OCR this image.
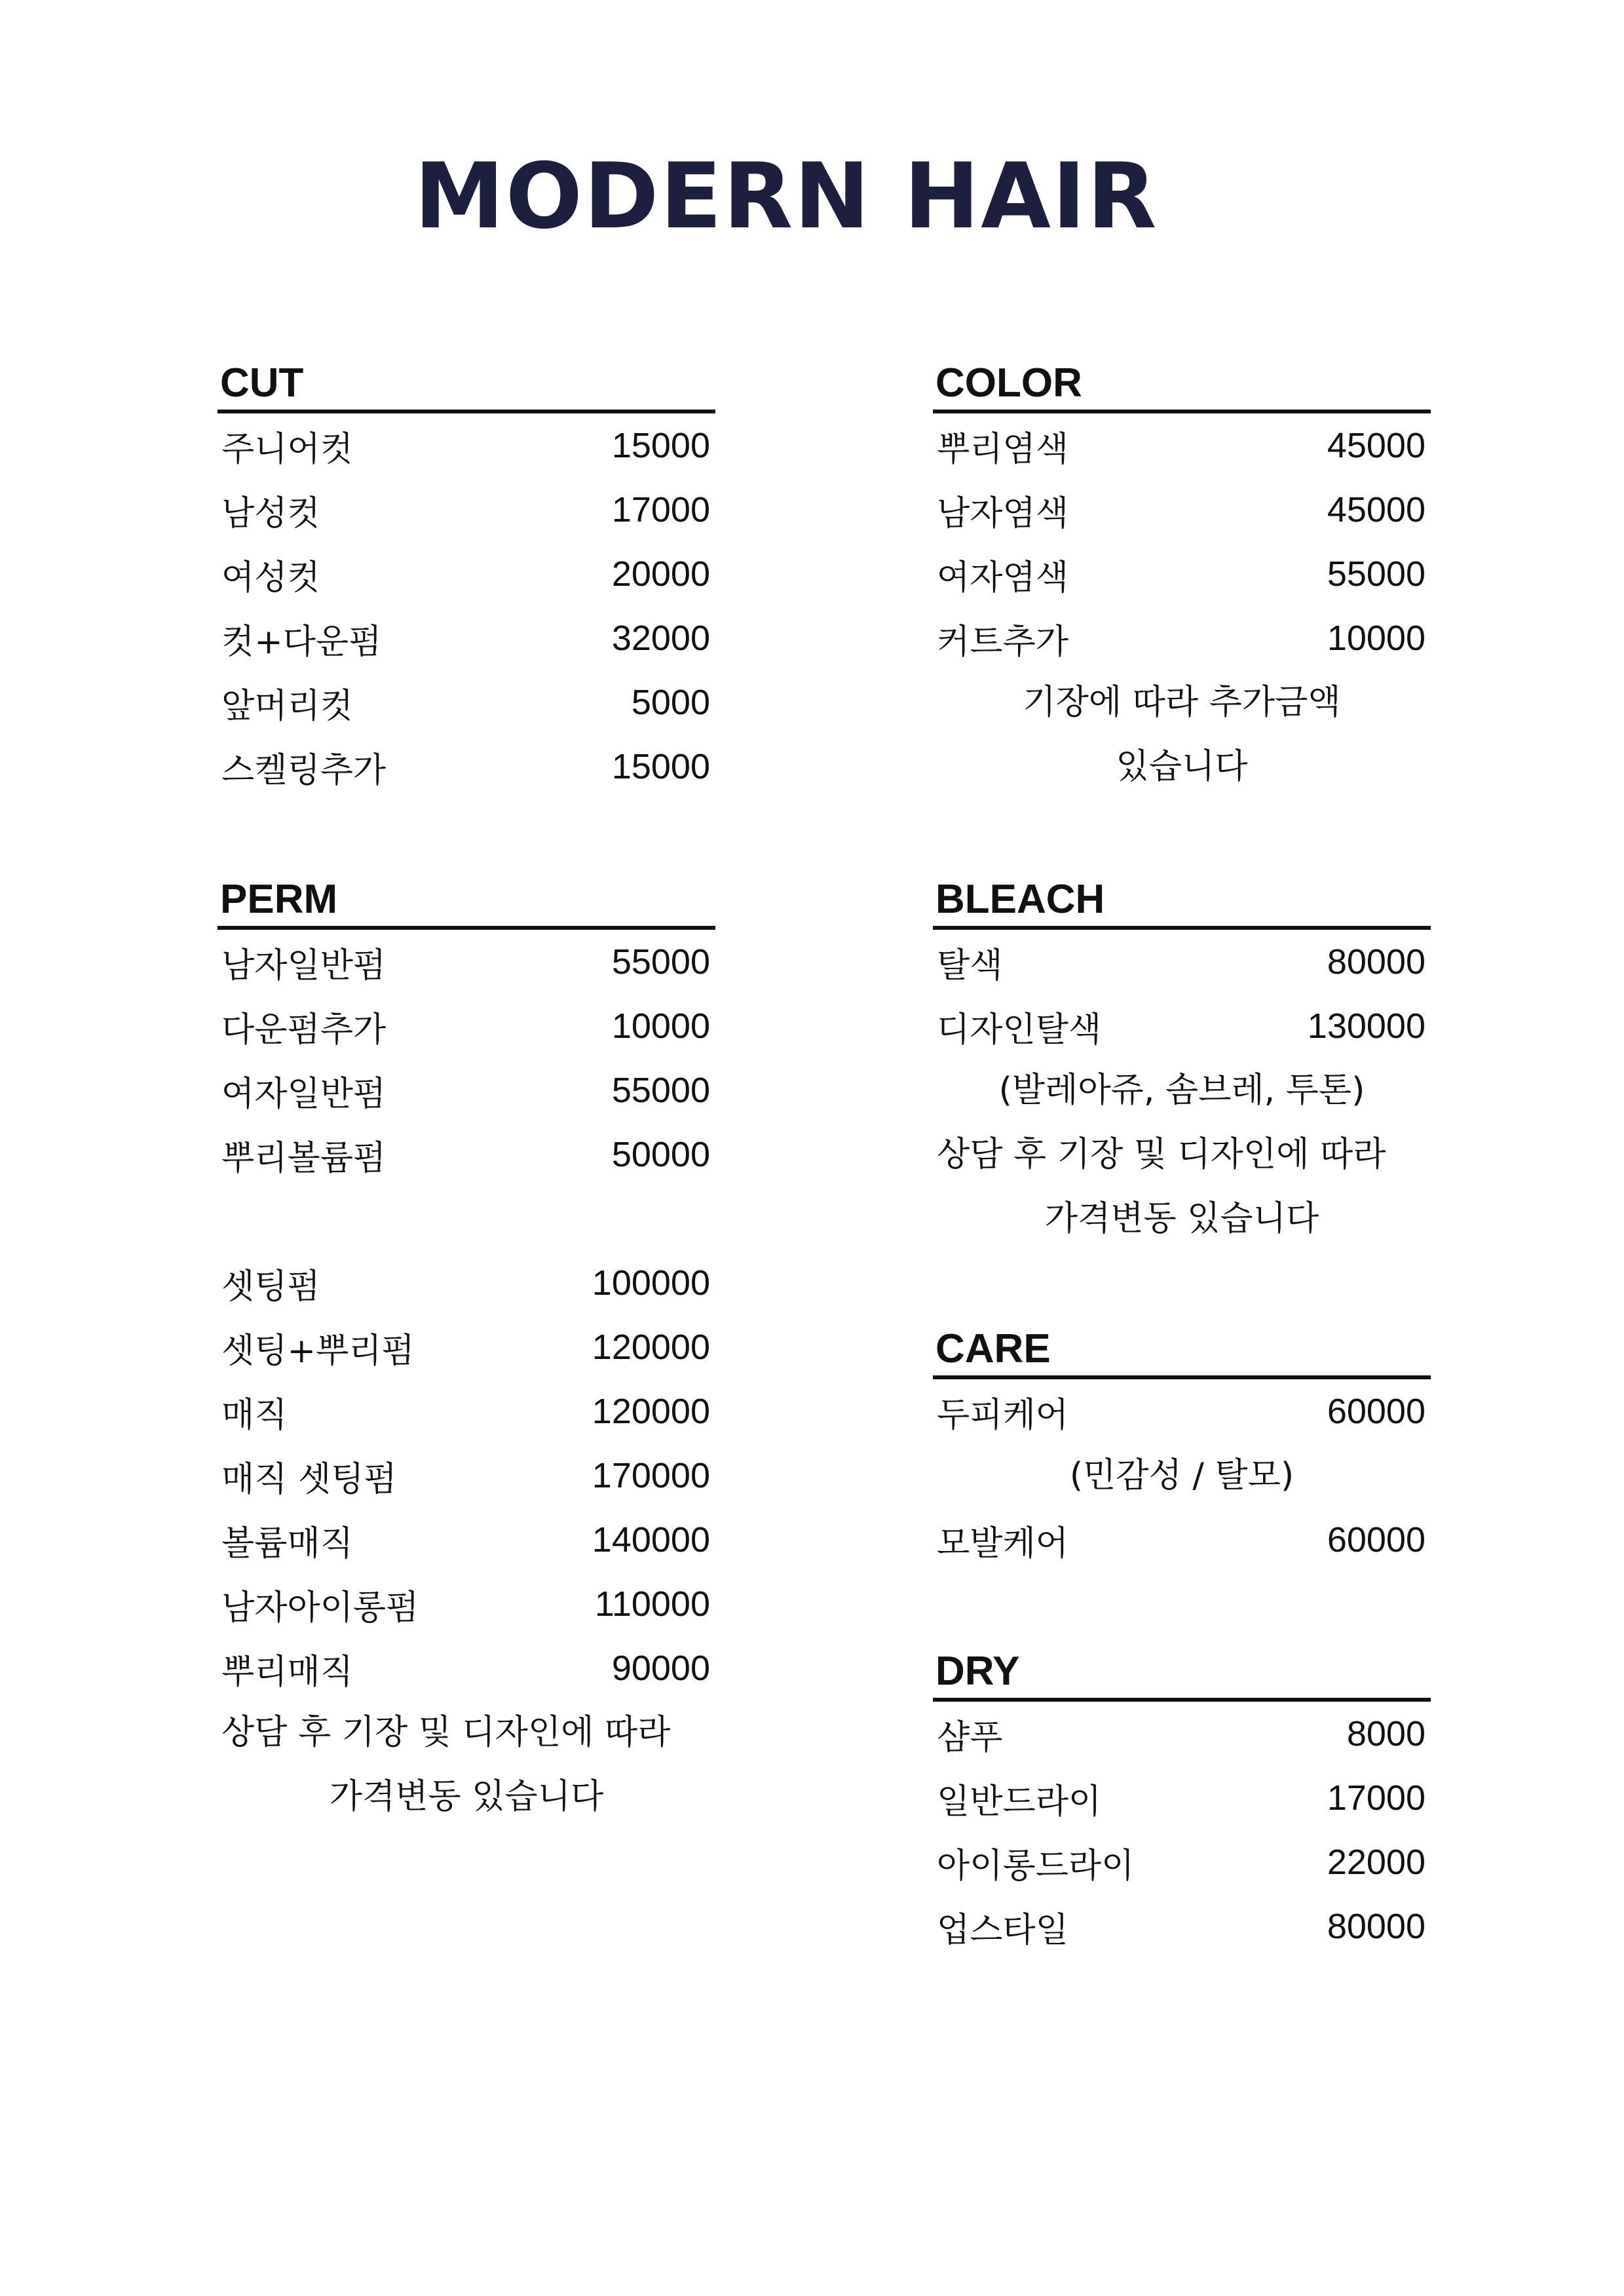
MODERN HAIR
CUT
주니어컷	15000
남성컷	17000
여성컷	20000
컷+다운펌	32000
앞머리컷	5000
스켈링추가	15000
PERM
남자일반펌	55000
다운펌추가	10000
여자일반펌	55000
뿌리볼륨펌	50000
셋팅펌	100000
셋팅+뿌리펌	120000
매직	120000
매직 셋팅펌	170000
볼륨매직	140000
남자아이롱펌	110000
뿌리매직	90000
상담 후 기장 및 디자인에 따라
가격변동 있습니다
COLOR
뿌리염색	45000
남자염색	45000
여자염색	55000
커트추가	10000
기장에 따라 추가금액
있습니다
BLEACH
탈색	80000
디자인탈색	130000
(발레아쥬, 솜브레, 투톤)
상담 후 기장 및 디자인에 따라
가격변동 있습니다
CARE
두피케어	60000
(민감성 / 탈모)
모발케어	60000
DRY
샴푸	8000
일반드라이	17000
아이롱드라이	22000
업스타일	80000
